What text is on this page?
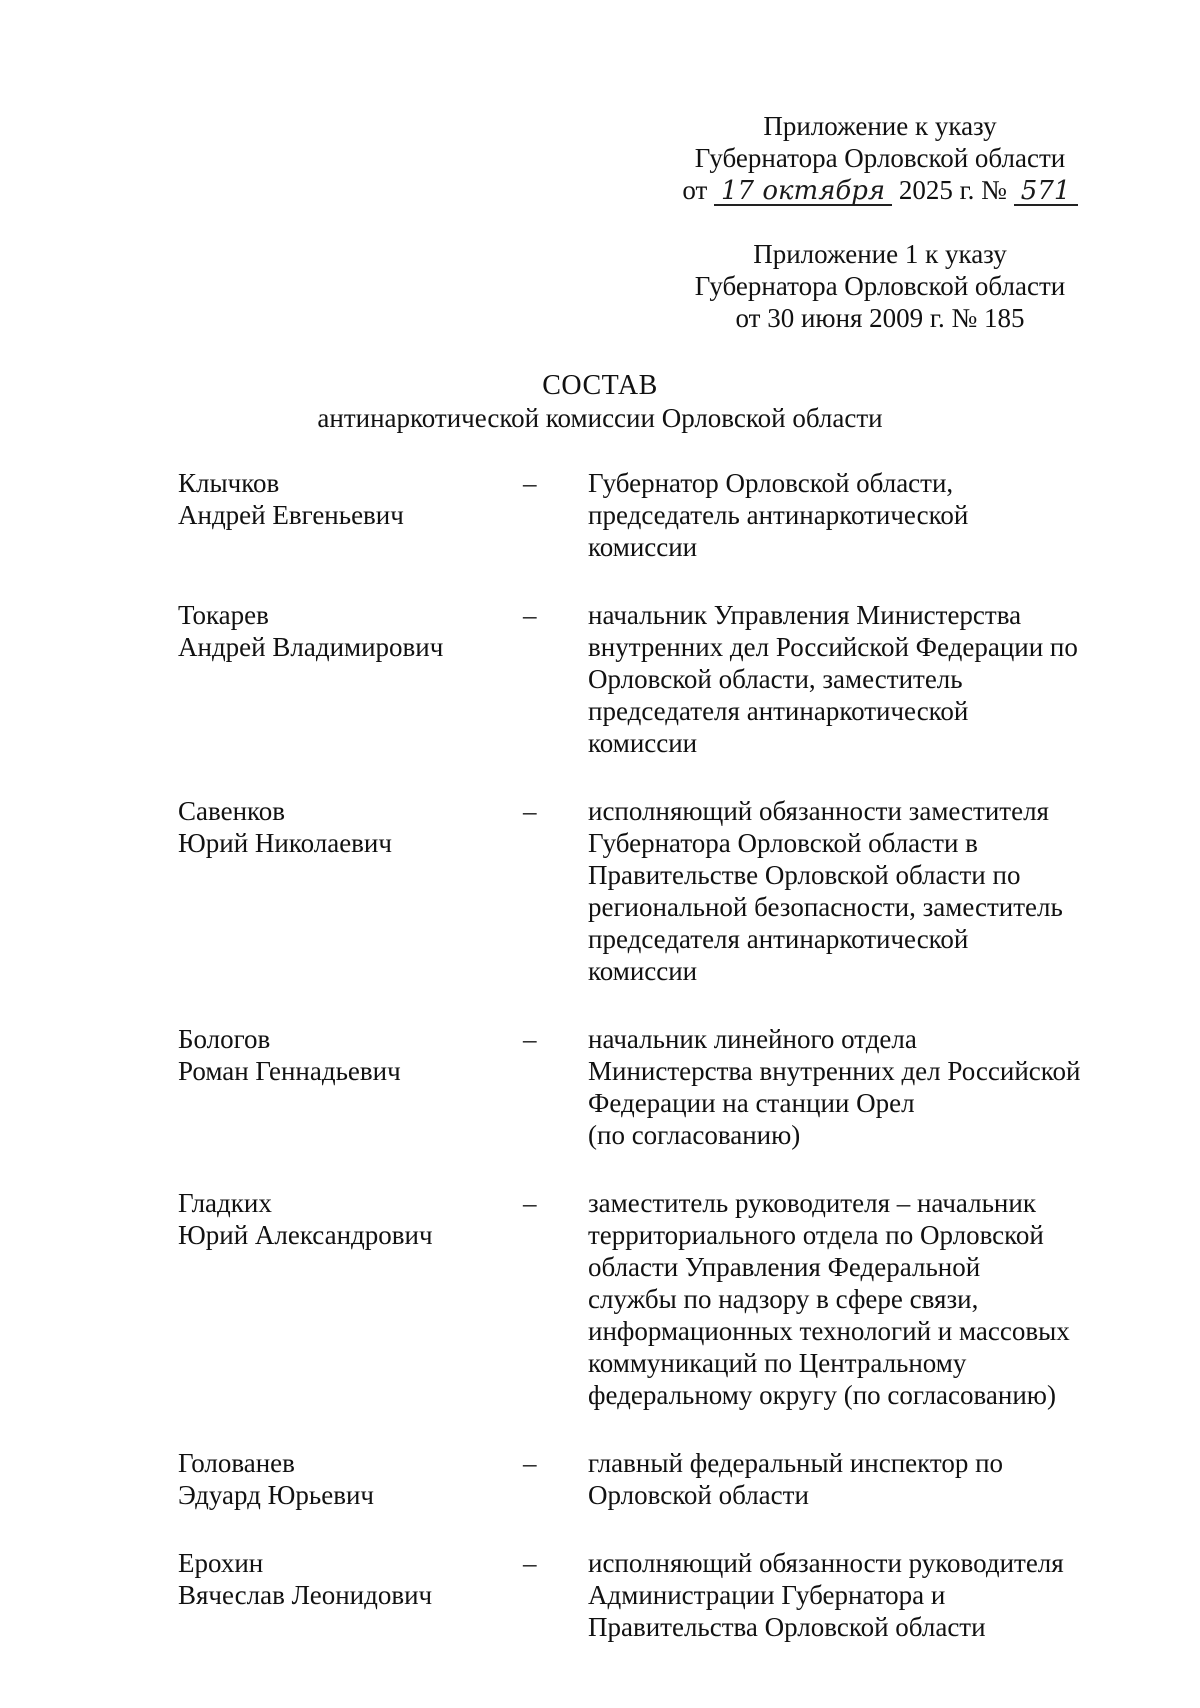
Приложение к указу
Губернатора Орловской области
от 17 октября 2025 г. № 571
Приложение 1 к указу
Губернатора Орловской области
от 30 июня 2009 г. № 185
СОСТАВ
антинаркотической комиссии Орловской области
Клычков
Андрей Евгеньевич
–	Губернатор Орловской области,
председатель антинаркотической
комиссии
Токарев
Андрей Владимирович
–	начальник Управления Министерства
внутренних дел Российской Федерации по
Орловской области, заместитель
председателя антинаркотической
комиссии
Савенков
Юрий Николаевич
–	исполняющий обязанности заместителя
Губернатора Орловской области в
Правительстве Орловской области по
региональной безопасности, заместитель
председателя антинаркотической
комиссии
Бологов
Роман Геннадьевич
–	начальник линейного отдела
Министерства внутренних дел Российской
Федерации на станции Орел
(по согласованию)
Гладких
Юрий Александрович
–	заместитель руководителя – начальник
территориального отдела по Орловской
области Управления Федеральной
службы по надзору в сфере связи,
информационных технологий и массовых
коммуникаций по Центральному
федеральному округу (по согласованию)
Голованев
Эдуард Юрьевич
–	главный федеральный инспектор по
Орловской области
Ерохин
Вячеслав Леонидович
–	исполняющий обязанности руководителя
Администрации Губернатора и
Правительства Орловской области
